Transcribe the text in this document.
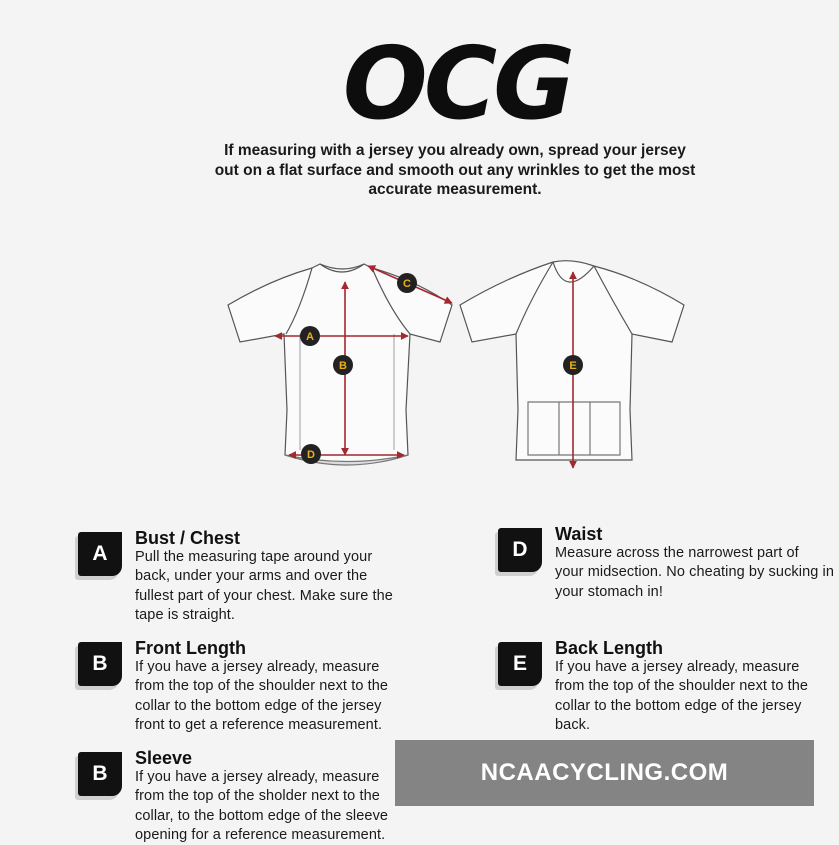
OCG
If measuring with a jersey you already own, spread your jersey out on a flat surface and smooth out any wrinkles to get the most accurate measurement.
A
B
C
D
E
A
Bust / Chest
Pull the measuring tape around your
back, under your arms and over the
fullest part of your chest. Make sure the
tape is straight.
D
Waist
Measure across the narrowest part of
your midsection. No cheating by sucking in
your stomach in!
B
Front Length
If you have a jersey already, measure
from the top of the shoulder next to the
collar to the bottom edge of the jersey
front to get a reference measurement.
E
Back Length
If you have a jersey already, measure
from the top of the shoulder next to the
collar to the bottom edge of the jersey
back.
B
Sleeve
If you have a jersey already, measure
from the top of the sholder next to the
collar, to the bottom edge of the sleeve
opening for a reference measurement.
NCAACYCLING.COM
